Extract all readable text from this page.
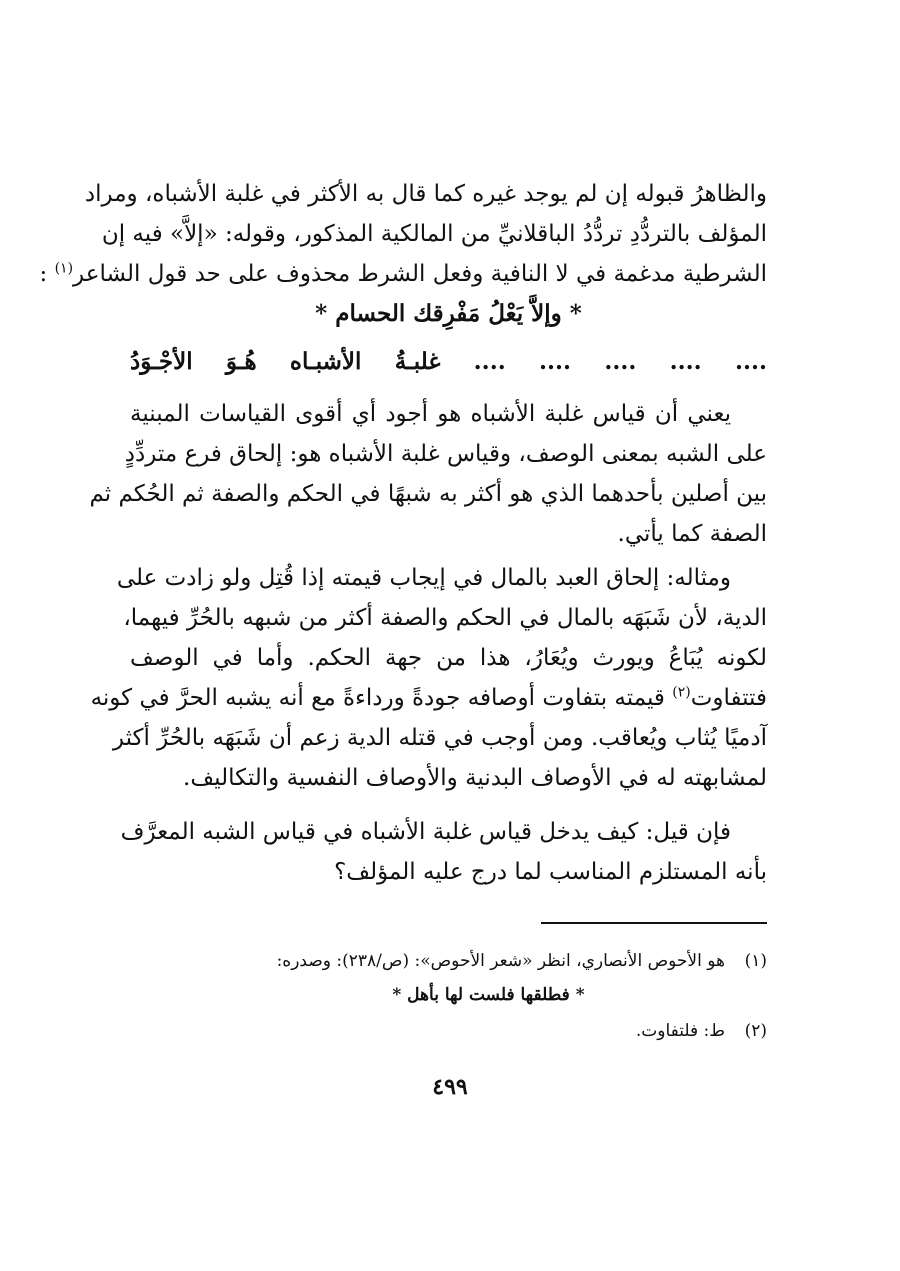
والظاهرُ قبوله إن لم يوجد غيره كما قال به الأكثر في غلبة الأشباه، ومراد
المؤلف بالتردُّدِ تردُّدُ الباقلانيِّ من المالكية المذكور، وقوله: «إلاَّ» فيه إن
الشرطية مدغمة في لا النافية وفعل الشرط محذوف على حد قول الشاعر$^{(١)}$ :
* وإلاَّ يَعْلُ مَفْرِقك الحسام *
.... .... .... .... .... غلبـةُ الأشبـاه هُـوَ الأجْـوَدُ
يعني أن قياس غلبة الأشباه هو أجود أي أقوى القياسات المبنية
على الشبه بمعنى الوصف، وقياس غلبة الأشباه هو: إلحاق فرع متردِّدٍ
بين أصلين بأحدهما الذي هو أكثر به شبهًا في الحكم والصفة ثم الحُكم ثم
الصفة كما يأتي.
ومثاله: إلحاق العبد بالمال في إيجاب قيمته إذا قُتِل ولو زادت على
الدية، لأن شَبَهَه بالمال في الحكم والصفة أكثر من شبهه بالحُرِّ فيهما،
لكونه يُبَاعُ ويورث ويُعَارُ، هذا من جهة الحكم. وأما في الوصف
فتتفاوت$^{(٢)}$ قيمته بتفاوت أوصافه جودةً ورداءةً مع أنه يشبه الحرَّ في كونه
آدميًا يُثاب ويُعاقب. ومن أوجب في قتله الدية زعم أن شَبَهَه بالحُرِّ أكثر
لمشابهته له في الأوصاف البدنية والأوصاف النفسية والتكاليف.
فإن قيل: كيف يدخل قياس غلبة الأشباه في قياس الشبه المعرَّف
بأنه المستلزم المناسب لما درج عليه المؤلف؟
(١)هو الأحوص الأنصاري، انظر «شعر الأحوص»: (ص/٢٣٨): وصدره:
* فطلقها فلست لها بأهل *
(٢)ط: فلتفاوت.
٤٩٩
